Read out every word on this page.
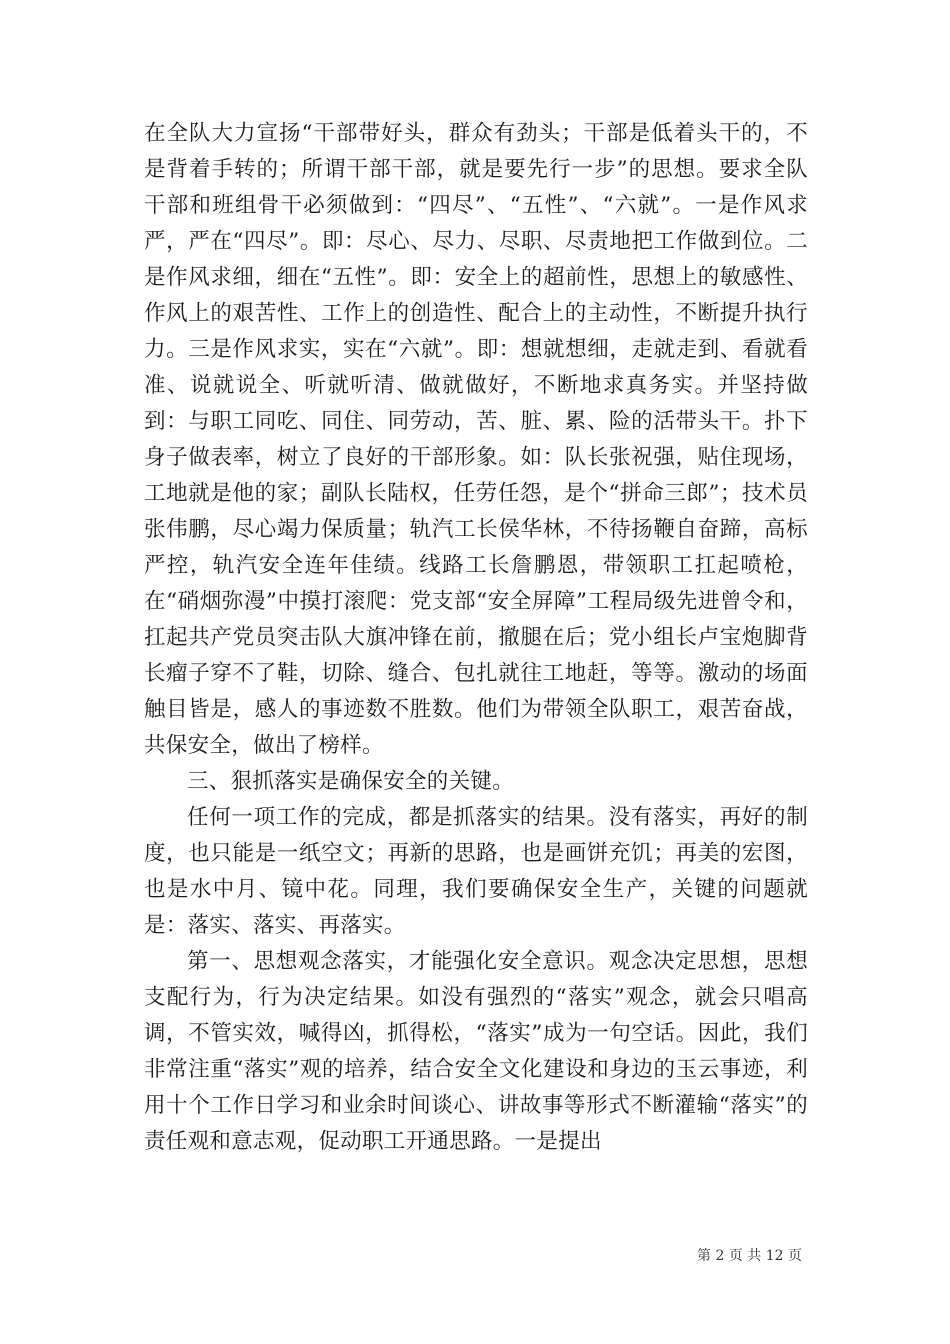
在全队大力宣扬“干部带好头，群众有劲头；干部是低着头干的，不是背着手转的；所谓干部干部，就是要先行一步”的思想。要求全队干部和班组骨干必须做到：“四尽”、“五性”、“六就”。一是作风求严，严在“四尽”。即：尽心、尽力、尽职、尽责地把工作做到位。二是作风求细，细在“五性”。即：安全上的超前性，思想上的敏感性、作风上的艰苦性、工作上的创造性、配合上的主动性，不断提升执行力。三是作风求实，实在“六就”。即：想就想细，走就走到、看就看准、说就说全、听就听清、做就做好，不断地求真务实。并坚持做到：与职工同吃、同住、同劳动，苦、脏、累、险的活带头干。扑下身子做表率，树立了良好的干部形象。如：队长张祝强，贴住现场，工地就是他的家；副队长陆权，任劳任怨，是个“拼命三郎”；技术员张伟鹏，尽心竭力保质量；轨汽工长侯华林，不待扬鞭自奋蹄，高标严控，轨汽安全连年佳绩。线路工长詹鹏恩，带领职工扛起喷枪，在“硝烟弥漫”中摸打滚爬：党支部“安全屏障”工程局级先进曾令和，扛起共产党员突击队大旗冲锋在前，撤腿在后；党小组长卢宝炮脚背长瘤子穿不了鞋，切除、缝合、包扎就往工地赶，等等。激动的场面触目皆是，感人的事迹数不胜数。他们为带领全队职工，艰苦奋战，共保安全，做出了榜样。

三、狠抓落实是确保安全的关键。

任何一项工作的完成，都是抓落实的结果。没有落实，再好的制度，也只能是一纸空文；再新的思路，也是画饼充饥；再美的宏图，也是水中月、镜中花。同理，我们要确保安全生产，关键的问题就是：落实、落实、再落实。

第一、思想观念落实，才能强化安全意识。观念决定思想，思想支配行为，行为决定结果。如没有强烈的“落实”观念，就会只唱高调，不管实效，喊得凶，抓得松，“落实”成为一句空话。因此，我们非常注重“落实”观的培养，结合安全文化建设和身边的玉云事迹，利用十个工作日学习和业余时间谈心、讲故事等形式不断灌输“落实”的责任观和意志观，促动职工开通思路。一是提出

第 2 页 共 12 页
